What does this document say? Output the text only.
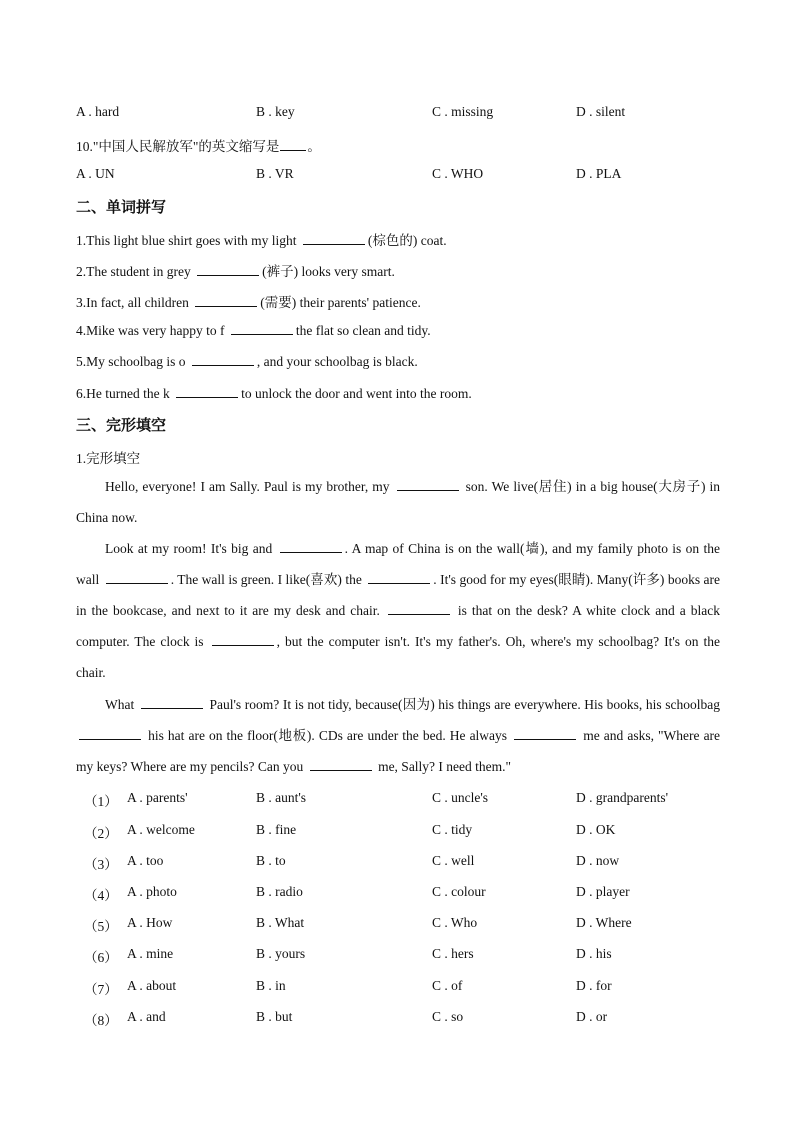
A . hard	B . key	C . missing	D . silent
10."中国人民解放军"的英文缩写是 。
A . UN	B . VR	C . WHO	D . PLA
二、单词拼写
1.This light blue shirt goes with my light	(棕色的) coat.
2.The student in grey	(裤子) looks very smart.
3.In fact, all children	(需要) their parents' patience.
4.Mike was very happy to f	the flat so clean and tidy.
5.My schoolbag is o	, and your schoolbag is black.
6.He turned the k	to unlock the door and went into the room.
三、完形填空
1.完形填空
Hello, everyone! I am Sally. Paul is my brother, my	son. We live(居住) in a big house(大房子) in China now.
Look at my room! It's big and	. A map of China is on the wall(墙), and my family photo is on the wall	. The wall is green. I like(喜欢) the	. It's good for my eyes(眼睛). Many(许多) books are in the bookcase, and next to it are my desk and chair.	is that on the desk? A white clock and a black computer. The clock is	, but the computer isn't. It's my father's. Oh, where's my schoolbag? It's on the chair.
What	Paul's room? It is not tidy, because(因为) his things are everywhere. His books, his schoolbag  his hat are on the floor(地板). CDs are under the bed. He always	me and asks, "Where are my keys? Where are my pencils? Can you	me, Sally? I need them."
（1） A . parents'	B . aunt's	C . uncle's	D . grandparents'
（2） A . welcome	B . fine	C . tidy	D . OK
（3） A . too	B . to	C . well	D . now
（4） A . photo	B . radio	C . colour	D . player
（5） A . How	B . What	C . Who	D . Where
（6） A . mine	B . yours	C . hers	D . his
（7） A . about	B . in	C . of	D . for
（8） A . and	B . but	C . so	D . or
